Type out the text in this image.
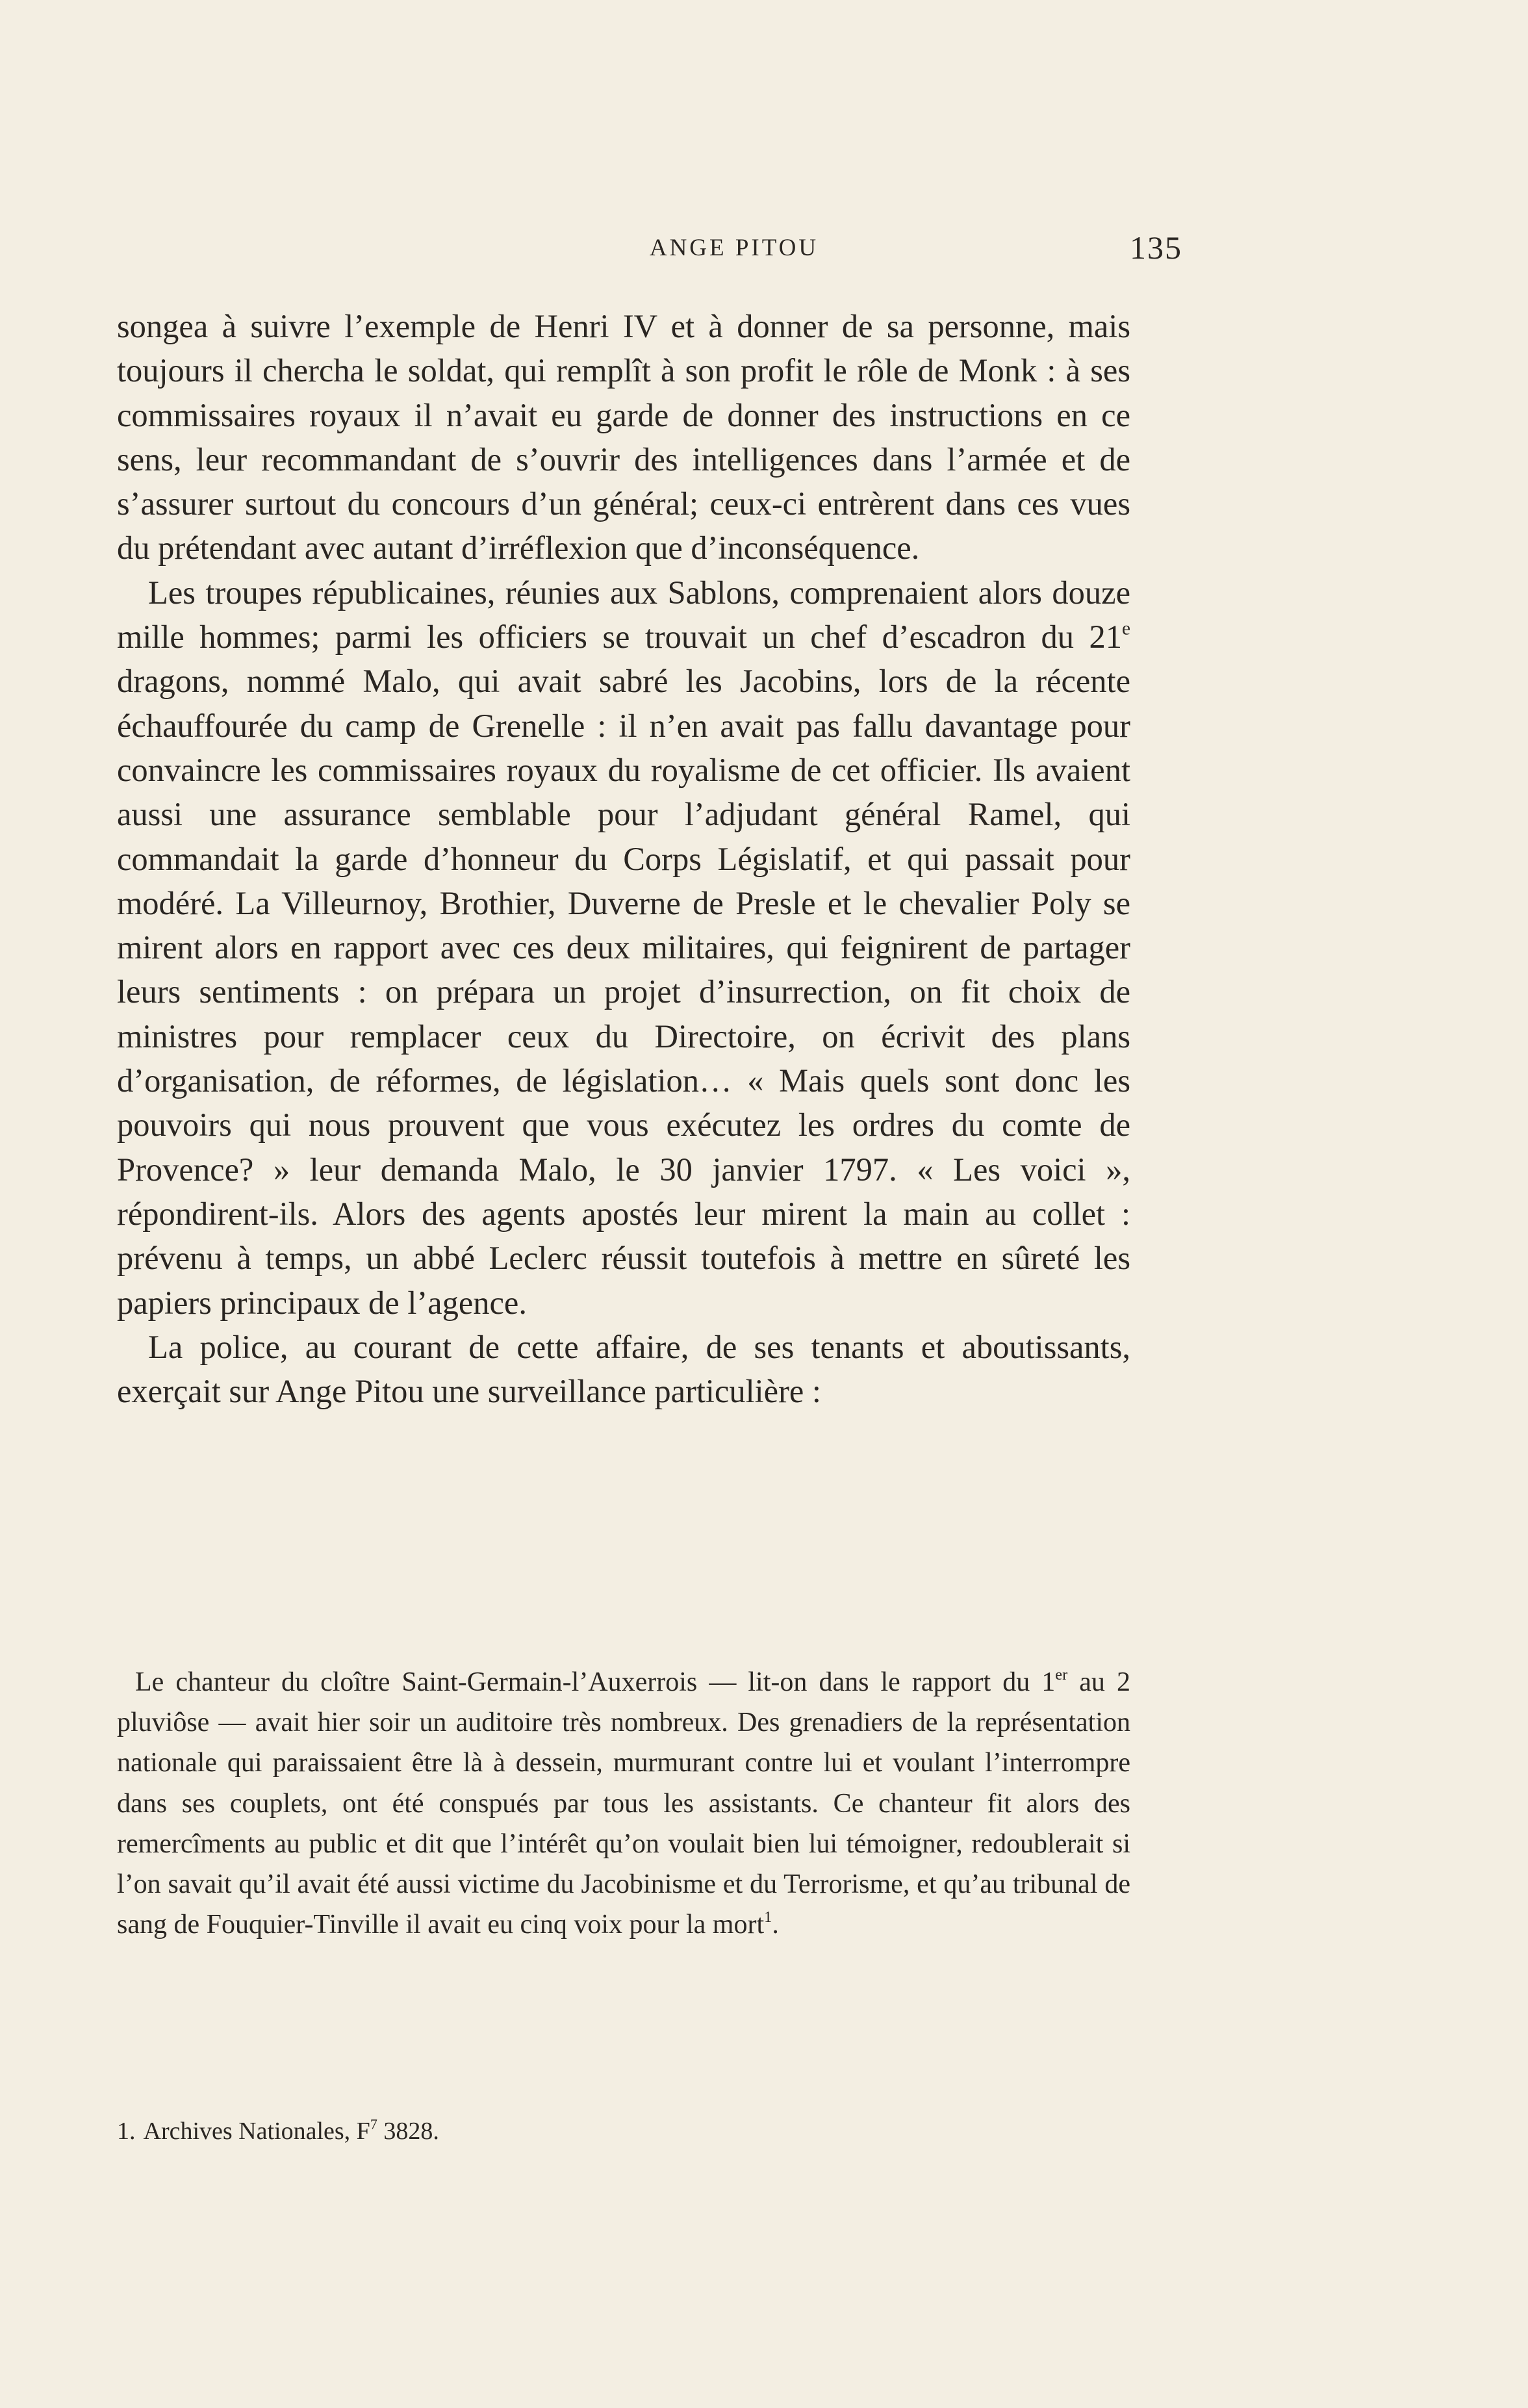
ANGE PITOU	135

songea à suivre l’exemple de Henri IV et à donner de sa personne, mais toujours il chercha le soldat, qui remplît à son profit le rôle de Monk : à ses commissaires royaux il n’avait eu garde de donner des instructions en ce sens, leur recommandant de s’ouvrir des intelligences dans l’armée et de s’assurer surtout du concours d’un général; ceux-ci entrèrent dans ces vues du prétendant avec autant d’irréflexion que d’inconséquence.

Les troupes républicaines, réunies aux Sablons, comprenaient alors douze mille hommes; parmi les officiers se trouvait un chef d’escadron du 21e dragons, nommé Malo, qui avait sabré les Jacobins, lors de la récente échauffourée du camp de Grenelle : il n’en avait pas fallu davantage pour convaincre les commissaires royaux du royalisme de cet officier. Ils avaient aussi une assurance semblable pour l’adjudant général Ramel, qui commandait la garde d’honneur du Corps Législatif, et qui passait pour modéré. La Villeurnoy, Brothier, Duverne de Presle et le chevalier Poly se mirent alors en rapport avec ces deux militaires, qui feignirent de partager leurs sentiments : on prépara un projet d’insurrection, on fit choix de ministres pour remplacer ceux du Directoire, on écrivit des plans d’organisation, de réformes, de législation… « Mais quels sont donc les pouvoirs qui nous prouvent que vous exécutez les ordres du comte de Provence? » leur demanda Malo, le 30 janvier 1797. « Les voici », répondirent-ils. Alors des agents apostés leur mirent la main au collet : prévenu à temps, un abbé Leclerc réussit toutefois à mettre en sûreté les papiers principaux de l’agence.

La police, au courant de cette affaire, de ses tenants et aboutissants, exerçait sur Ange Pitou une surveillance particulière :

Le chanteur du cloître Saint-Germain-l’Auxerrois — lit-on dans le rapport du 1er au 2 pluviôse — avait hier soir un auditoire très nombreux. Des grenadiers de la représentation nationale qui paraissaient être là à dessein, murmurant contre lui et voulant l’interrompre dans ses couplets, ont été conspués par tous les assistants. Ce chanteur fit alors des remercîments au public et dit que l’intérêt qu’on voulait bien lui témoigner, redoublerait si l’on savait qu’il avait été aussi victime du Jacobinisme et du Terrorisme, et qu’au tribunal de sang de Fouquier-Tinville il avait eu cinq voix pour la mort$^1$.

1. Archives Nationales, $F^7$ 3828.
